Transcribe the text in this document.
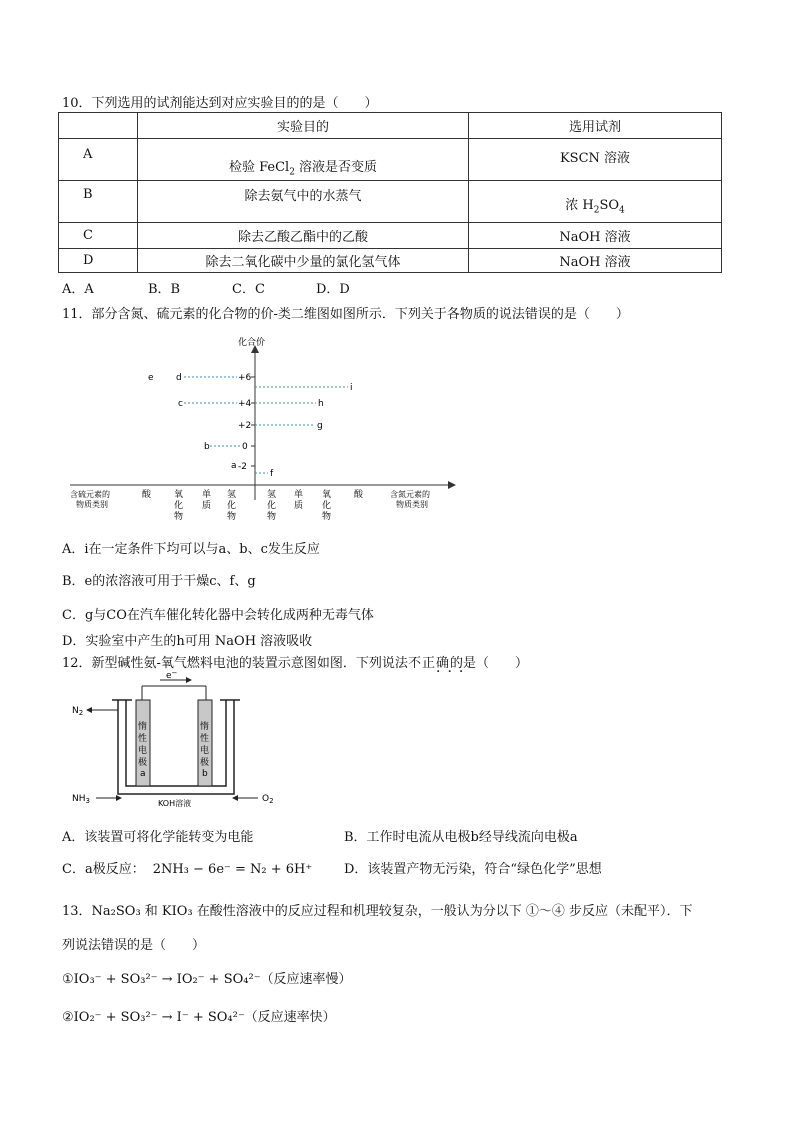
10．下列选用的试剂能达到对应实验目的的是（　　）
	实验目的	选用试剂
A	检验 FeCl$_2$ 溶液是否变质	KSCN 溶液
B	除去氨气中的水蒸气	浓 $H_2SO_4$
C	除去乙酸乙酯中的乙酸	NaOH 溶液
D	除去二氧化碳中少量的氯化氢气体	NaOH 溶液
A．A	B．B	C．C	D．D
11．部分含氮、硫元素的化合物的价-类二维图如图所示．下列关于各物质的说法错误的是（　　）
化合价
+6
+4
+2
0
-2
e d
c
b
a
i
h
g
f
含硫元素的
物质类别
酸	氧
化
物
单
质
氢
化
物
氢
化
物
单
质
氧
化
物
酸	含氮元素的
物质类别
A．i在一定条件下均可以与a、b、c发生反应
B．e的浓溶液可用于干燥c、f、g
C．g与CO在汽车催化转化器中会转化成两种无毒气体
D．实验室中产生的h可用 NaOH 溶液吸收
12．新型碱性氨-氧气燃料电池的装置示意图如图．下列说法不正确的是（　　）
···
e−
惰
性
电
极
a
惰
性
电
极
b
$N_2$
$NH_3$	$O_2$
KOH溶液
A．该装置可将化学能转变为电能	B．工作时电流从电极b经导线流向电极a
C．a极反应： 2NH₃ − 6e⁻ = N₂ + 6H⁺ D．该装置产物无污染，符合“绿色化学”思想
13．Na₂SO₃ 和 KIO₃ 在酸性溶液中的反应过程和机理较复杂，一般认为分以下 ①～④ 步反应（未配平）．下
列说法错误的是（　　）
①IO₃⁻ + SO₃²⁻ → IO₂⁻ + SO₄²⁻（反应速率慢）
②IO₂⁻ + SO₃²⁻ → I⁻ + SO₄²⁻（反应速率快）
